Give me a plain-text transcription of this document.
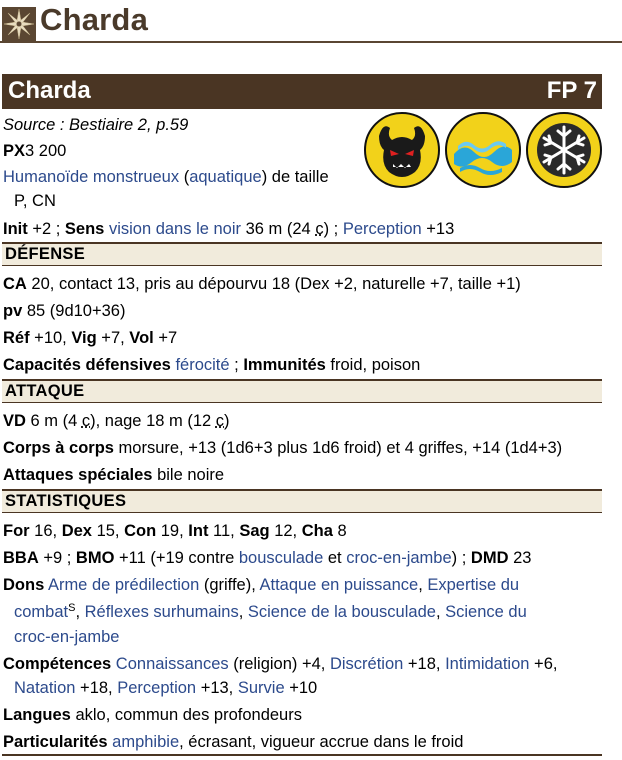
Charda
Charda	FP 7
Source : Bestiaire 2, p.59
PX3 200
Humanoïde monstrueux (aquatique) de taille
P, CN
Init +2 ; Sens vision dans le noir 36 m (24 c) ; Perception +13
DÉFENSE
CA 20, contact 13, pris au dépourvu 18 (Dex +2, naturelle +7, taille +1)
pv 85 (9d10+36)
Réf +10, Vig +7, Vol +7
Capacités défensives férocité ; Immunités froid, poison
ATTAQUE
VD 6 m (4 c), nage 18 m (12 c)
Corps à corps morsure, +13 (1d6+3 plus 1d6 froid) et 4 griffes, +14 (1d4+3)
Attaques spéciales bile noire
STATISTIQUES
For 16, Dex 15, Con 19, Int 11, Sag 12, Cha 8
BBA +9 ; BMO +11 (+19 contre bousculade et croc-en-jambe) ; DMD 23
Dons Arme de prédilection (griffe), Attaque en puissance, Expertise du
combat$^S$, Réflexes surhumains, Science de la bousculade, Science du
croc-en-jambe
Compétences Connaissances (religion) +4, Discrétion +18, Intimidation +6,
Natation +18, Perception +13, Survie +10
Langues aklo, commun des profondeurs
Particularités amphibie, écrasant, vigueur accrue dans le froid
